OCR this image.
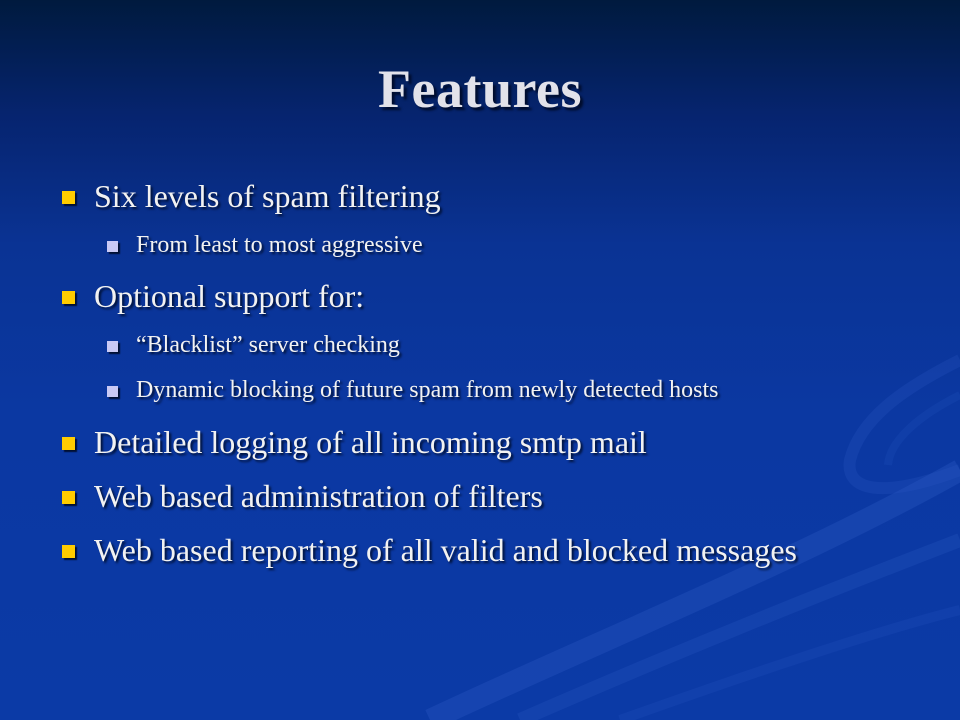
Features
Six levels of spam filtering
From least to most aggressive
Optional support for:
“Blacklist” server checking
Dynamic blocking of future spam from newly detected hosts
Detailed logging of all incoming smtp mail
Web based administration of filters
Web based reporting of all valid and blocked messages
